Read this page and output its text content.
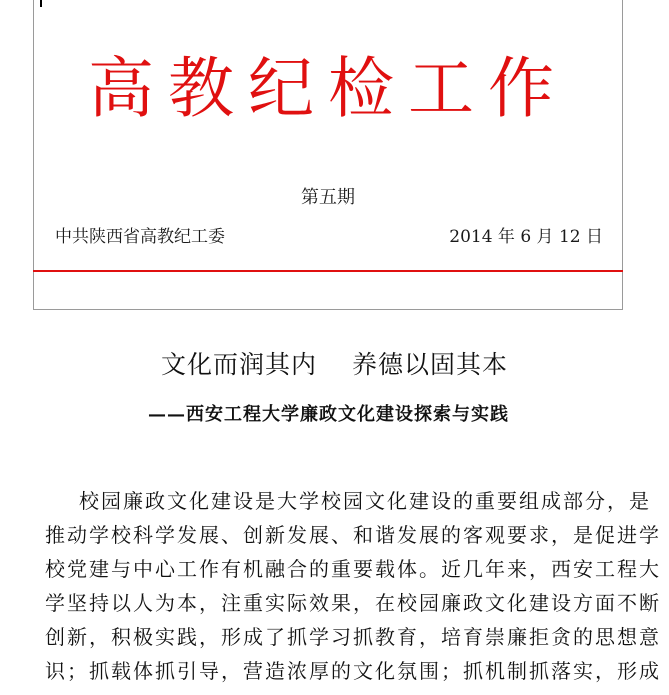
高教纪检工作
第五期
中共陕西省高教纪工委	2014 年 6 月 12 日
文化而润其内　 养德以固其本
——西安工程大学廉政文化建设探索与实践
校园廉政文化建设是大学校园文化建设的重要组成部分，是
推动学校科学发展、创新发展、和谐发展的客观要求，是促进学
校党建与中心工作有机融合的重要载体。近几年来，西安工程大
学坚持以人为本，注重实际效果，在校园廉政文化建设方面不断
创新，积极实践，形成了抓学习抓教育，培育崇廉拒贪的思想意
识；抓载体抓引导，营造浓厚的文化氛围；抓机制抓落实，形成
